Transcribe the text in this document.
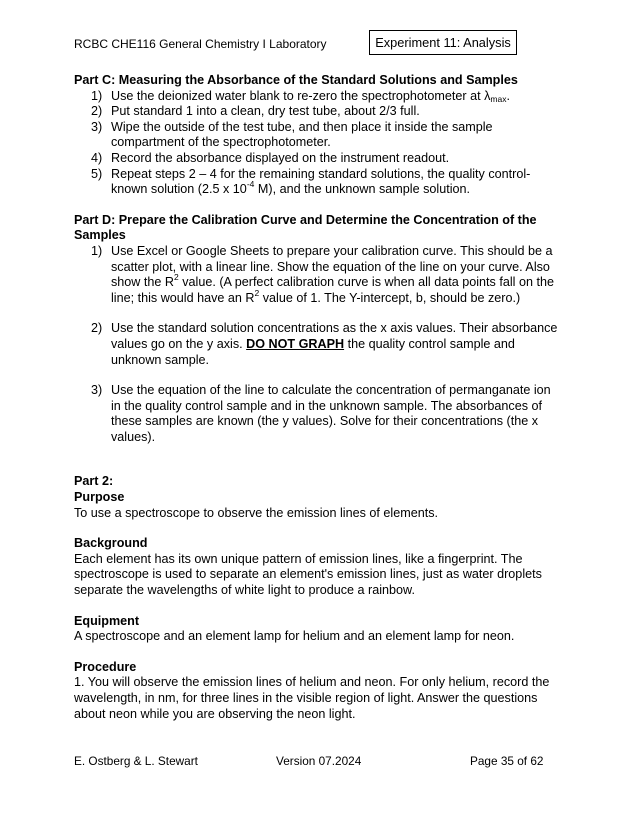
RCBC CHE116 General Chemistry I Laboratory	Experiment 11: Analysis

Part C: Measuring the Absorbance of the Standard Solutions and Samples

1) Use the deionized water blank to re-zero the spectrophotometer at $\lambda_{max}$.
2) Put standard 1 into a clean, dry test tube, about 2/3 full.
3) Wipe the outside of the test tube, and then place it inside the sample compartment of the spectrophotometer.
4) Record the absorbance displayed on the instrument readout.
5) Repeat steps 2 – 4 for the remaining standard solutions, the quality control-known solution (2.5 x $10^{-4}$ M), and the unknown sample solution.

Part D: Prepare the Calibration Curve and Determine the Concentration of the Samples

1) Use Excel or Google Sheets to prepare your calibration curve. This should be a scatter plot, with a linear line. Show the equation of the line on your curve. Also show the $R^2$ value. (A perfect calibration curve is when all data points fall on the line; this would have an $R^2$ value of 1. The Y-intercept, b, should be zero.)
2) Use the standard solution concentrations as the x axis values. Their absorbance values go on the y axis. DO NOT GRAPH the quality control sample and unknown sample.
3) Use the equation of the line to calculate the concentration of permanganate ion in the quality control sample and in the unknown sample. The absorbances of these samples are known (the y values). Solve for their concentrations (the x values).

Part 2:

Purpose

To use a spectroscope to observe the emission lines of elements.

Background

Each element has its own unique pattern of emission lines, like a fingerprint. The spectroscope is used to separate an element's emission lines, just as water droplets separate the wavelengths of white light to produce a rainbow.

Equipment

A spectroscope and an element lamp for helium and an element lamp for neon.

Procedure

1. You will observe the emission lines of helium and neon. For only helium, record the wavelength, in nm, for three lines in the visible region of light. Answer the questions about neon while you are observing the neon light.

E. Ostberg & L. Stewart	Version 07.2024	Page 35 of 62
